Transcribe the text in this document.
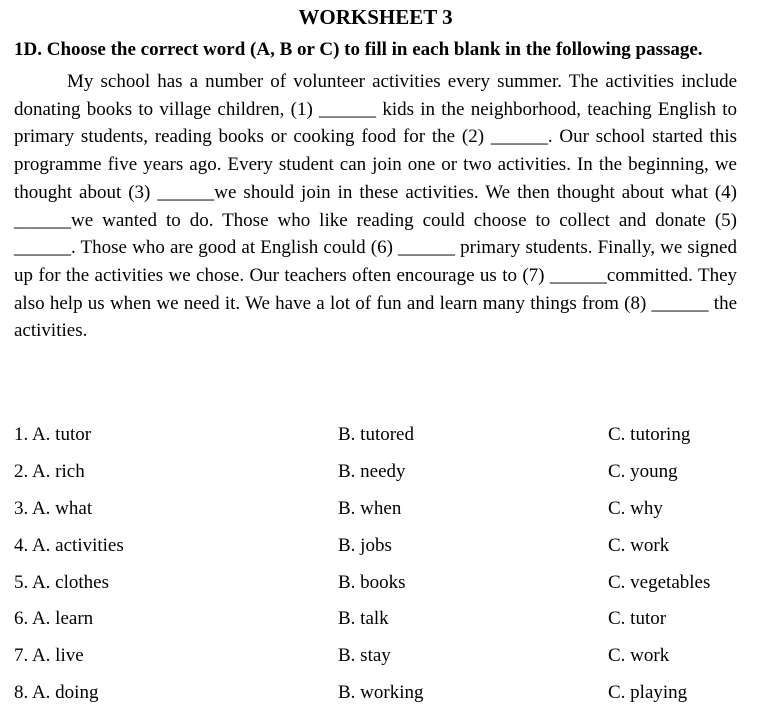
WORKSHEET 3

1D. Choose the correct word (A, B or C) to fill in each blank in the following passage.

My school has a number of volunteer activities every summer. The activities include donating books to village children, (1) ______ kids in the neighborhood, teaching English to primary students, reading books or cooking food for the (2) ______. Our school started this programme five years ago. Every student can join one or two activities. In the beginning, we thought about (3) ______we should join in these activities. We then thought about what (4) ______we wanted to do. Those who like reading could choose to collect and donate (5) ______. Those who are good at English could (6) ______ primary students. Finally, we signed up for the activities we chose. Our teachers often encourage us to (7) ______committed. They also help us when we need it. We have a lot of fun and learn many things from (8) ______ the activities.

1. A. tutor	B. tutored	C. tutoring
2. A. rich	B. needy	C. young
3. A. what	B. when	C. why
4. A. activities	B. jobs	C. work
5. A. clothes	B. books	C. vegetables
6. A. learn	B. talk	C. tutor
7. A. live	B. stay	C. work
8. A. doing	B. working	C. playing
